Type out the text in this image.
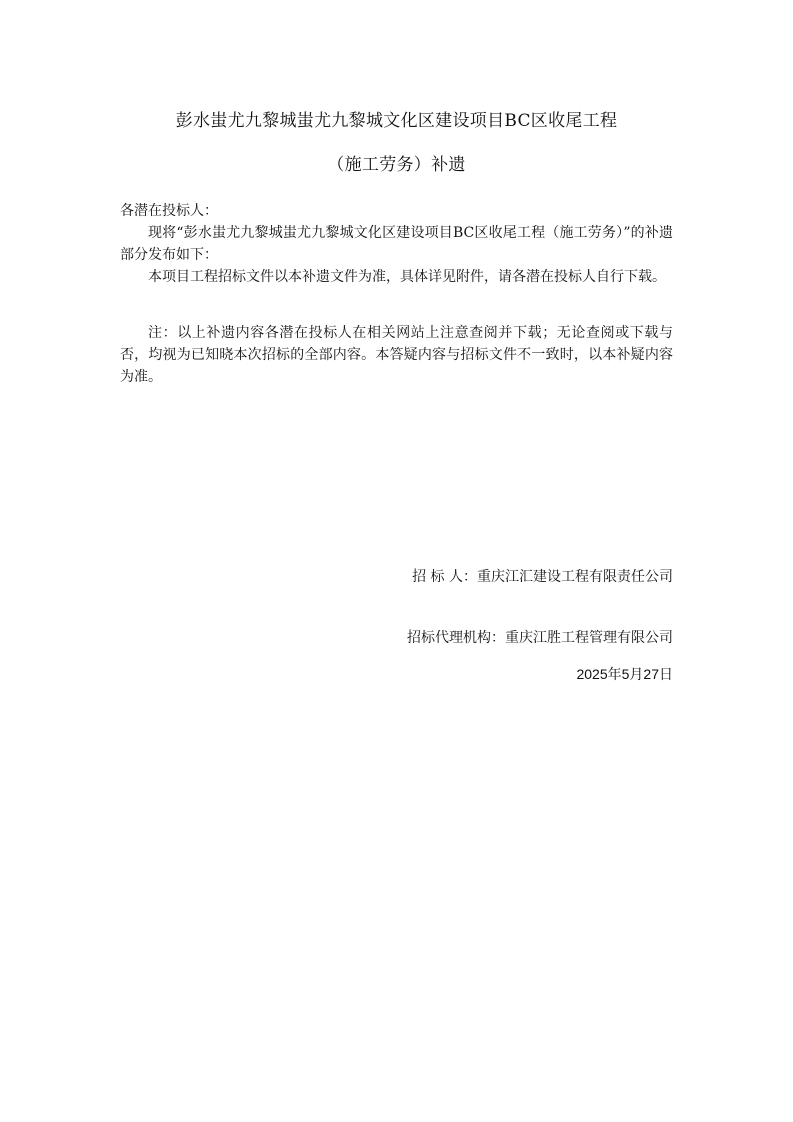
彭水蚩尤九黎城蚩尤九黎城文化区建设项目BC区收尾工程
（施工劳务）补遗
各潜在投标人：

现将“彭水蚩尤九黎城蚩尤九黎城文化区建设项目BC区收尾工程（施工劳务）”的补遗部分发布如下：

本项目工程招标文件以本补遗文件为准，具体详见附件，请各潜在投标人自行下载。

注：以上补遗内容各潜在投标人在相关网站上注意查阅并下载；无论查阅或下载与否，均视为已知晓本次招标的全部内容。本答疑内容与招标文件不一致时，以本补疑内容为准。

招 标 人：重庆江汇建设工程有限责任公司
招标代理机构：重庆江胜工程管理有限公司
2025年5月27日
